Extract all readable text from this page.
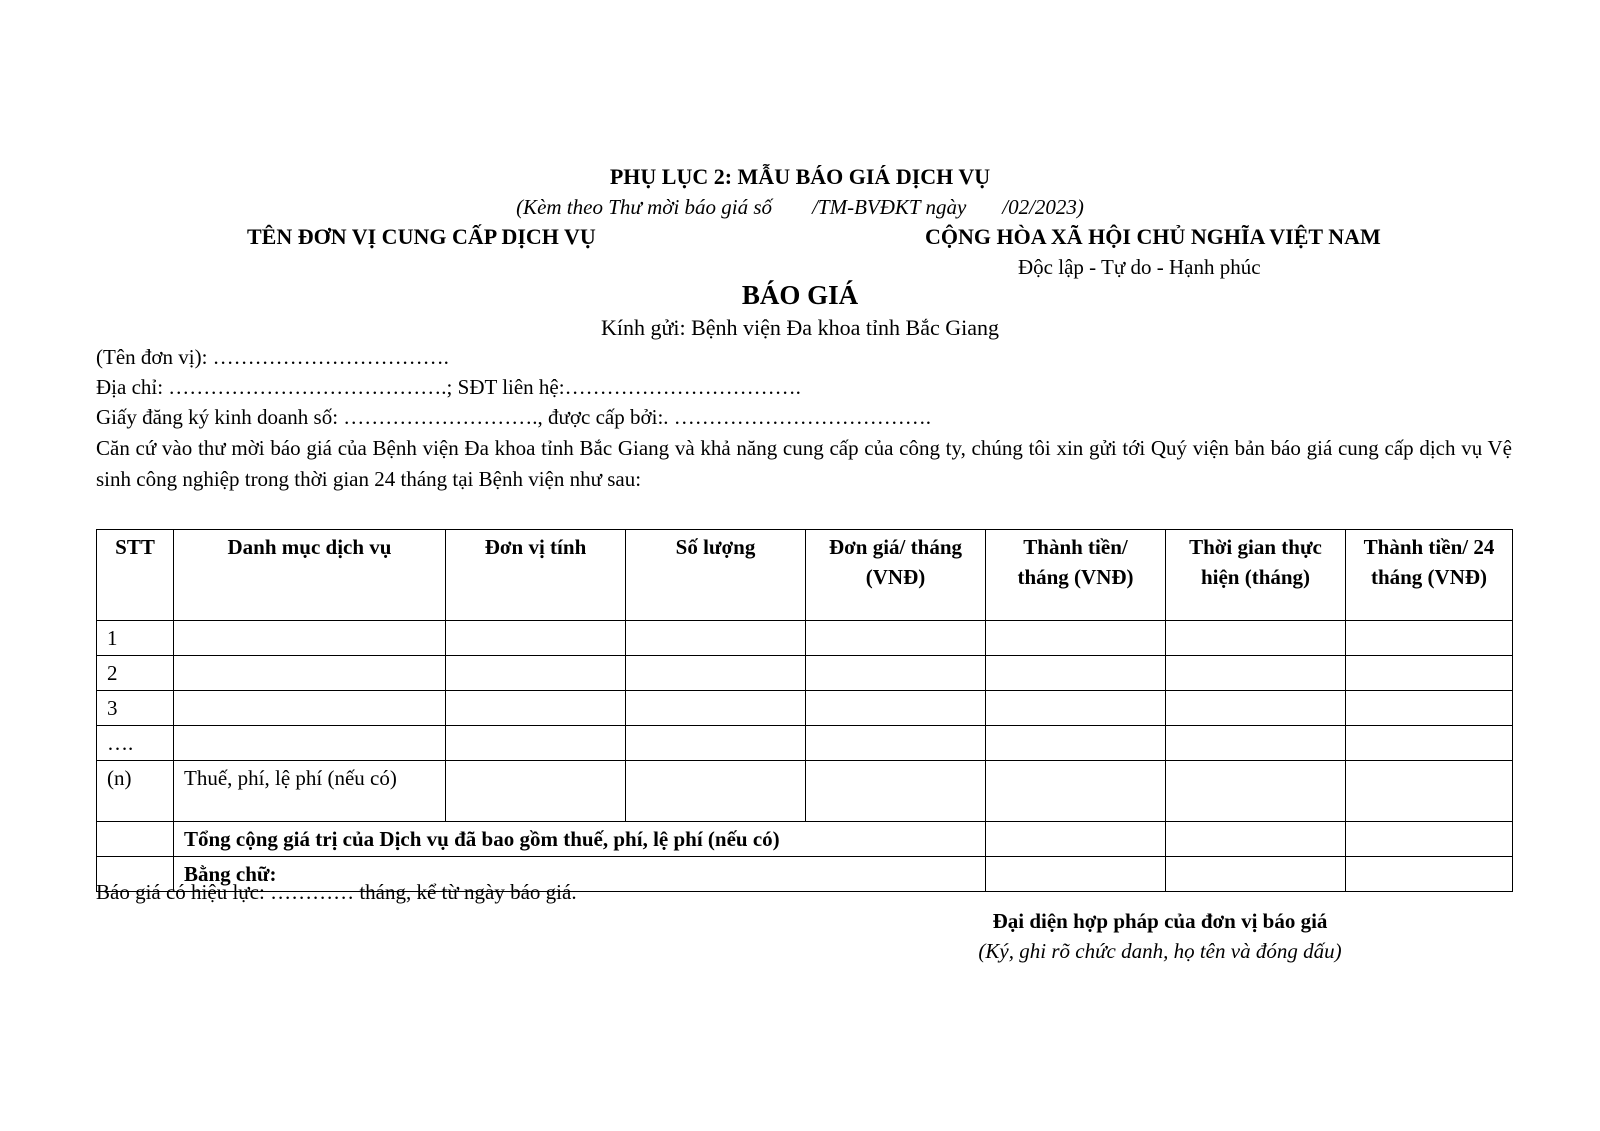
PHỤ LỤC 2: MẪU BÁO GIÁ DỊCH VỤ
(Kèm theo Thư mời báo giá số /TM-BVĐKT ngày /02/2023)
TÊN ĐƠN VỊ CUNG CẤP DỊCH VỤ	CỘNG HÒA XÃ HỘI CHỦ NGHĨA VIỆT NAM
Độc lập - Tự do - Hạnh phúc
BÁO GIÁ
Kính gửi: Bệnh viện Đa khoa tỉnh Bắc Giang
(Tên đơn vị): …………………………….
Địa chỉ: ………………………………….; SĐT liên hệ:…………………………….
Giấy đăng ký kinh doanh số: ………………………., được cấp bởi:. ……………………………….
Căn cứ vào thư mời báo giá của Bệnh viện Đa khoa tỉnh Bắc Giang và khả năng cung cấp của công ty, chúng tôi xin gửi tới Quý viện bản báo giá cung cấp dịch vụ Vệ sinh công nghiệp trong thời gian 24 tháng tại Bệnh viện như sau:
STT	Danh mục dịch vụ	Đơn vị tính	Số lượng	Đơn giá/ tháng (VNĐ)	Thành tiền/ tháng (VNĐ)	Thời gian thực hiện (tháng)	Thành tiền/ 24 tháng (VNĐ)
1							
2							
3							
….							
(n)	Thuế, phí, lệ phí (nếu có)						
	Tổng cộng giá trị của Dịch vụ đã bao gồm thuế, phí, lệ phí (nếu có)						
	Bằng chữ:						
Báo giá có hiệu lực: ………… tháng, kể từ ngày báo giá.
Đại diện hợp pháp của đơn vị báo giá
(Ký, ghi rõ chức danh, họ tên và đóng dấu)
